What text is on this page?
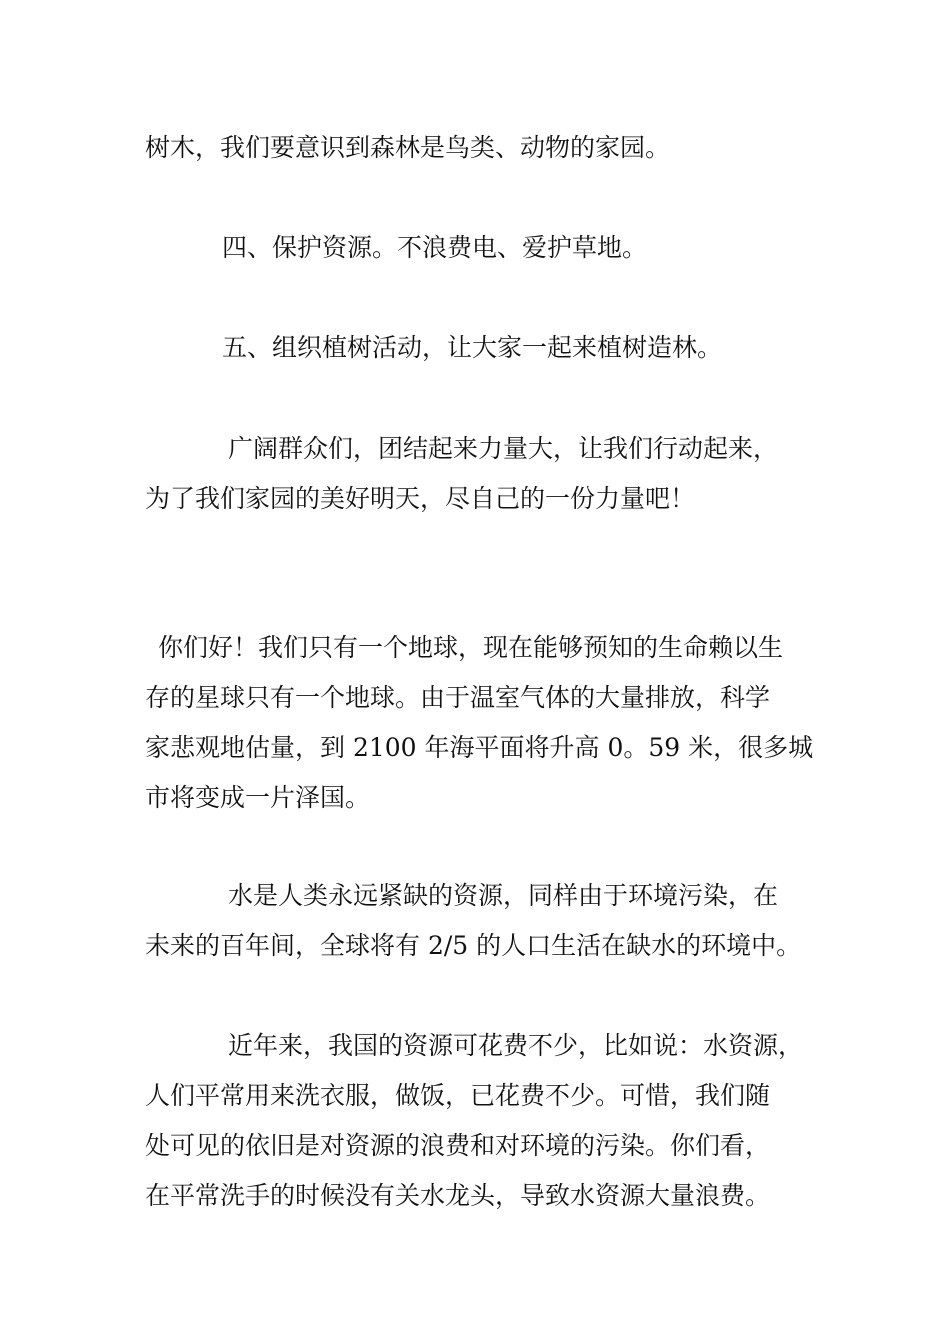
树木，我们要意识到森林是鸟类、动物的家园。
四、保护资源。不浪费电、爱护草地。
五、组织植树活动，让大家一起来植树造林。
广阔群众们，团结起来力量大，让我们行动起来，
为了我们家园的美好明天，尽自己的一份力量吧！
你们好！我们只有一个地球，现在能够预知的生命赖以生
存的星球只有一个地球。由于温室气体的大量排放，科学
家悲观地估量，到 2100 年海平面将升高 0。59 米，很多城
市将变成一片泽国。
水是人类永远紧缺的资源，同样由于环境污染，在
未来的百年间，全球将有 2/5 的人口生活在缺水的环境中。
近年来，我国的资源可花费不少，比如说：水资源，
人们平常用来洗衣服，做饭，已花费不少。可惜，我们随
处可见的依旧是对资源的浪费和对环境的污染。你们看，
在平常洗手的时候没有关水龙头，导致水资源大量浪费。
